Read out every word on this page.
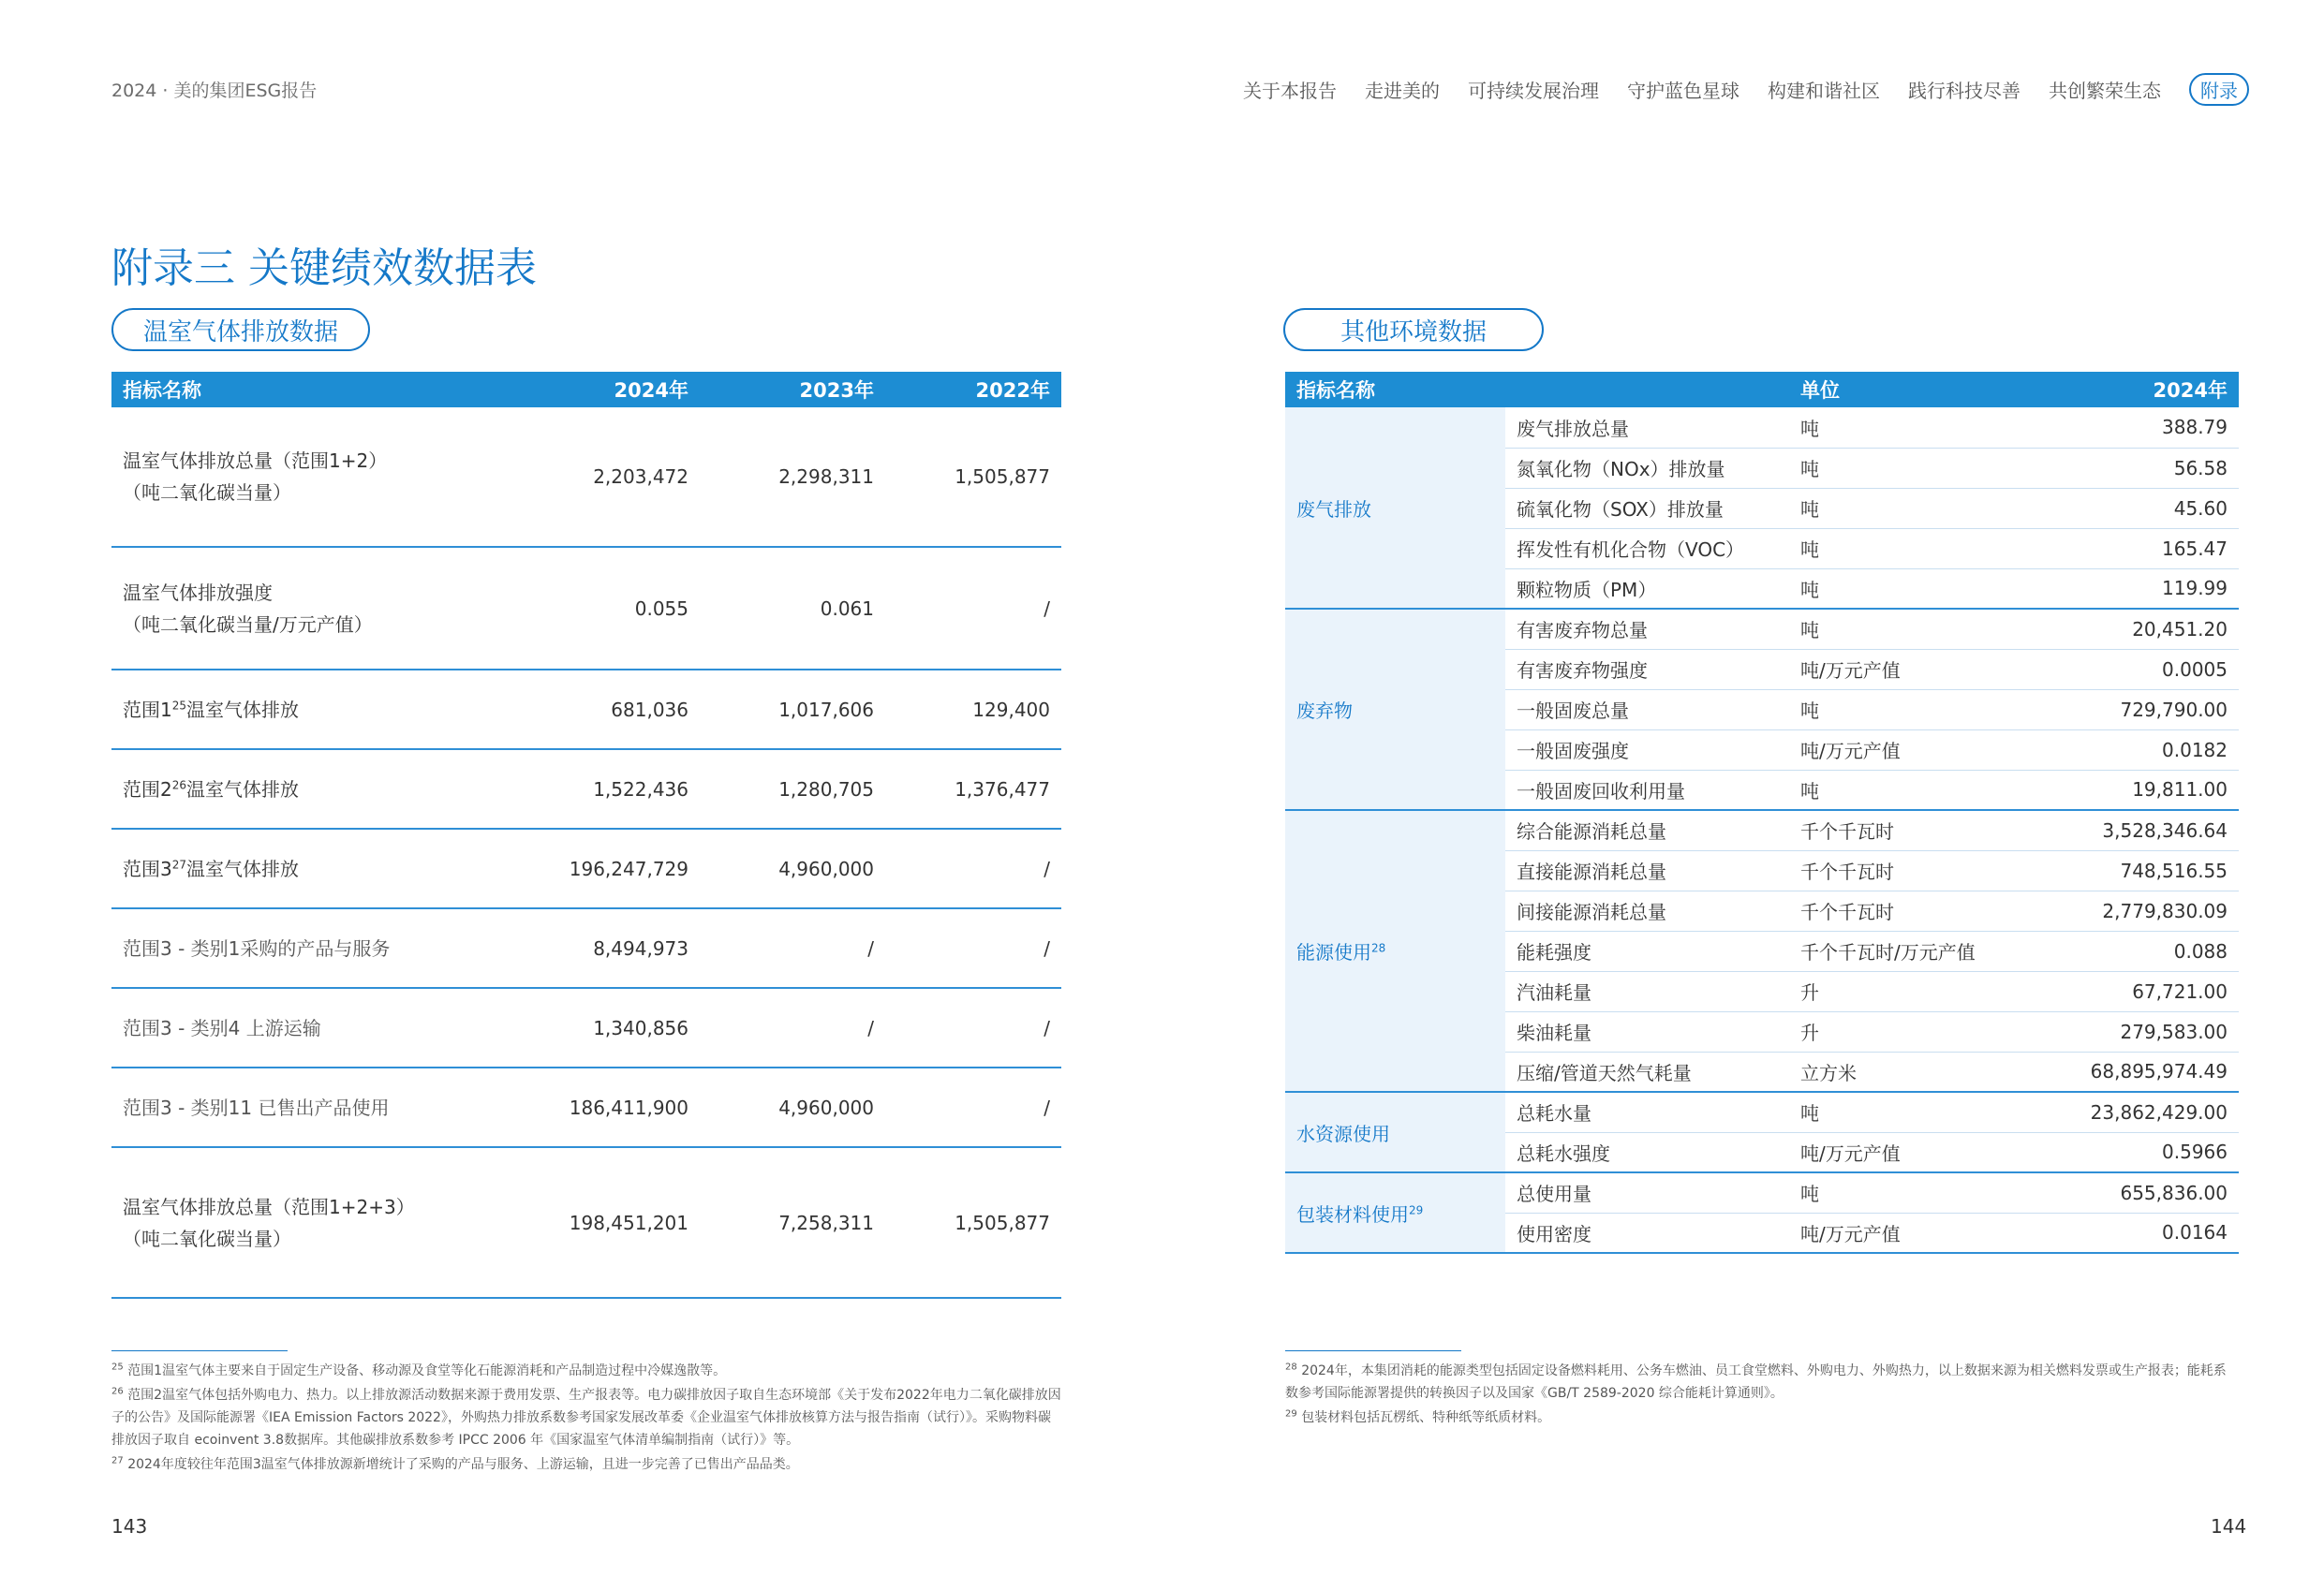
2024 · 美的集团ESG报告	关于本报告 走进美的 可持续发展治理 守护蓝色星球 构建和谐社区 践行科技尽善 共创繁荣生态	附录
附录三 关键绩效数据表
温室气体排放数据	其他环境数据
指标名称	2024年	2023年	2022年

温室气体排放总量（范围1+2）
（吨二氧化碳当量）	2,203,472	2,298,311	1,505,877

温室气体排放强度
（吨二氧化碳当量/万元产值）	0.055	0.061	/
范围$1^{25}$温室气体排放	681,036	1,017,606	129,400
范围$2^{26}$温室气体排放	1,522,436	1,280,705	1,376,477
范围$3^{27}$温室气体排放	196,247,729	4,960,000	/
范围3 - 类别1采购的产品与服务	8,494,973	/	/
范围3 - 类别4 上游运输	1,340,856	/	/
范围3 - 类别11 已售出产品使用	186,411,900	4,960,000	/

温室气体排放总量（范围1+2+3）
（吨二氧化碳当量）	198,451,201	7,258,311	1,505,877
指标名称		单位	2024年
废气排放	废气排放总量	吨	388.79
	氮氧化物（NOx）排放量	吨	56.58
	硫氧化物（SOX）排放量	吨	45.60
	挥发性有机化合物（VOC）	吨	165.47
	颗粒物质（PM）	吨	119.99
废弃物	有害废弃物总量	吨	20,451.20
	有害废弃物强度	吨/万元产值	0.0005
	一般固废总量	吨	729,790.00
	一般固废强度	吨/万元产值	0.0182
	一般固废回收利用量	吨	19,811.00
能源使用$^{28}$	综合能源消耗总量	千个千瓦时	3,528,346.64
	直接能源消耗总量	千个千瓦时	748,516.55
	间接能源消耗总量	千个千瓦时	2,779,830.09
	能耗强度	千个千瓦时/万元产值	0.088
	汽油耗量	升	67,721.00
	柴油耗量	升	279,583.00
	压缩/管道天然气耗量	立方米	68,895,974.49
水资源使用	总耗水量	吨	23,862,429.00
	总耗水强度	吨/万元产值	0.5966
包装材料使用$^{29}$	总使用量	吨	655,836.00
	使用密度	吨/万元产值	0.0164

$^{25}$ 范围1温室气体主要来自于固定生产设备、移动源及食堂等化石能源消耗和产品制造过程中冷媒逸散等。

$^{26}$ 范围2温室气体包括外购电力、热力。以上排放源活动数据来源于费用发票、生产报表等。电力碳排放因子取自生态环境部《关于发布2022年电力二氧化碳排放因子的公告》及国际能源署《IEA Emission Factors 2022》，外购热力排放系数参考国家发展改革委《企业温室气体排放核算方法与报告指南（试行）》。采购物料碳排放因子取自 ecoinvent 3.8数据库。其他碳排放系数参考 IPCC 2006 年《国家温室气体清单编制指南（试行）》等。

$^{27}$ 2024年度较往年范围3温室气体排放源新增统计了采购的产品与服务、上游运输，且进一步完善了已售出产品品类。

$^{28}$ 2024年，本集团消耗的能源类型包括固定设备燃料耗用、公务车燃油、员工食堂燃料、外购电力、外购热力，以上数据来源为相关燃料发票或生产报表；能耗系数参考国际能源署提供的转换因子以及国家《GB/T 2589-2020 综合能耗计算通则》。

$^{29}$ 包装材料包括瓦楞纸、特种纸等纸质材料。

143	144
